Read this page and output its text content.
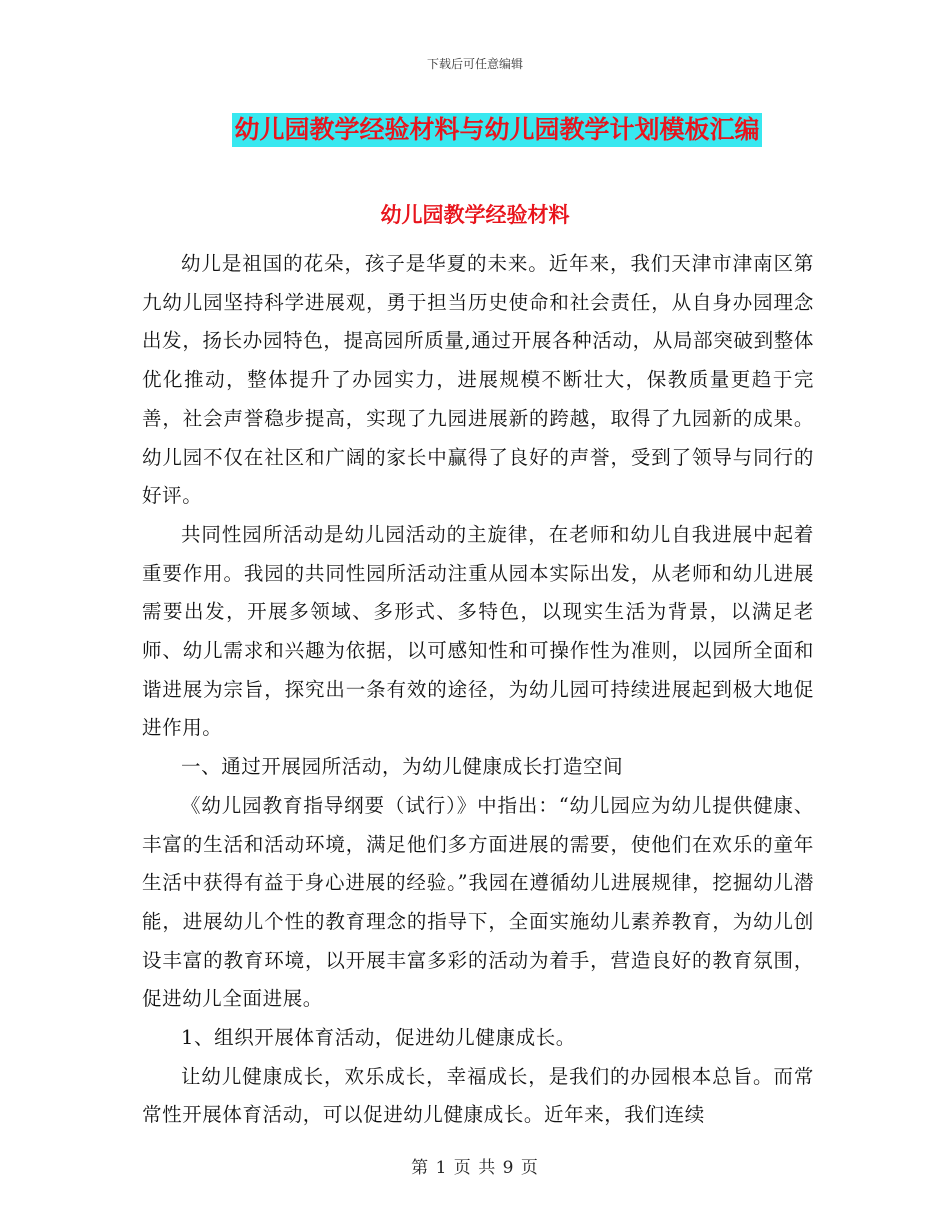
下载后可任意编辑
幼儿园教学经验材料与幼儿园教学计划模板汇编
幼儿园教学经验材料

幼儿是祖国的花朵，孩子是华夏的未来。近年来，我们天津市津南区第九幼儿园坚持科学进展观，勇于担当历史使命和社会责任，从自身办园理念出发，扬长办园特色，提高园所质量,通过开展各种活动，从局部突破到整体优化推动，整体提升了办园实力，进展规模不断壮大，保教质量更趋于完善，社会声誉稳步提高，实现了九园进展新的跨越，取得了九园新的成果。幼儿园不仅在社区和广阔的家长中赢得了良好的声誉，受到了领导与同行的好评。

共同性园所活动是幼儿园活动的主旋律，在老师和幼儿自我进展中起着重要作用。我园的共同性园所活动注重从园本实际出发，从老师和幼儿进展需要出发，开展多领域、多形式、多特色，以现实生活为背景，以满足老师、幼儿需求和兴趣为依据，以可感知性和可操作性为准则，以园所全面和谐进展为宗旨，探究出一条有效的途径，为幼儿园可持续进展起到极大地促进作用。

一、通过开展园所活动，为幼儿健康成长打造空间

《幼儿园教育指导纲要（试行）》中指出：“幼儿园应为幼儿提供健康、丰富的生活和活动环境，满足他们多方面进展的需要，使他们在欢乐的童年生活中获得有益于身心进展的经验。”我园在遵循幼儿进展规律，挖掘幼儿潜能，进展幼儿个性的教育理念的指导下，全面实施幼儿素养教育，为幼儿创设丰富的教育环境，以开展丰富多彩的活动为着手，营造良好的教育氛围，促进幼儿全面进展。

1、组织开展体育活动，促进幼儿健康成长。

让幼儿健康成长，欢乐成长，幸福成长，是我们的办园根本总旨。而常常性开展体育活动，可以促进幼儿健康成长。近年来，我们连续

第 1 页 共 9 页
